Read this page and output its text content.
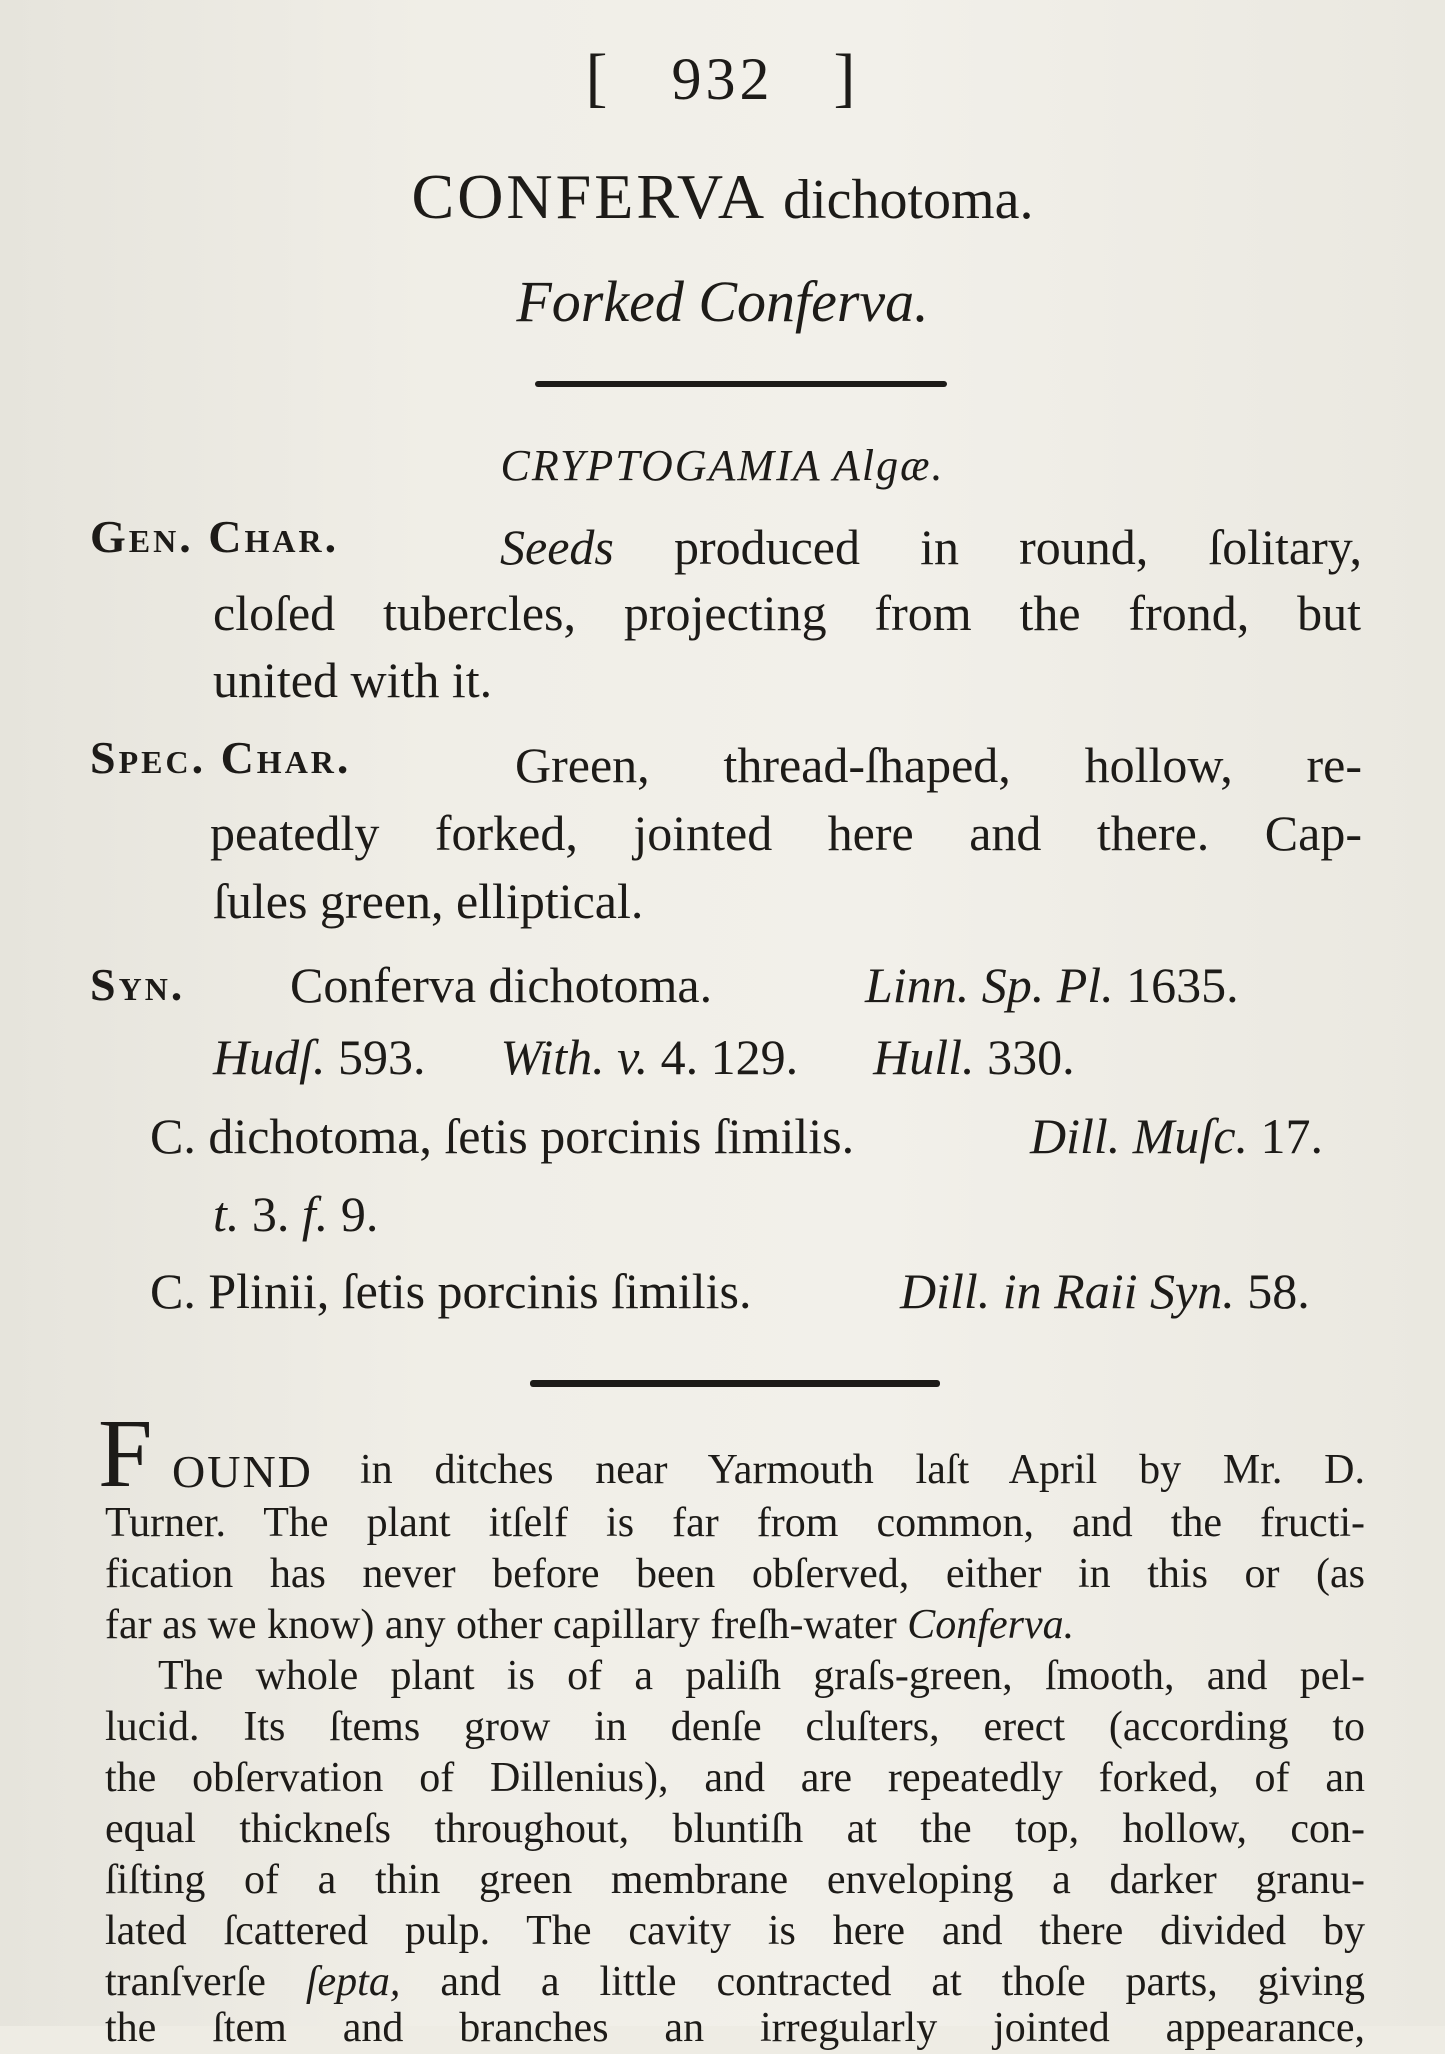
[ 932 ]
CONFERVA dichotoma.
Forked Conferva.
CRYPTOGAMIA Algæ.
Gen. Char.	Seeds produced in round, ſolitary,
cloſed tubercles, projecting from the frond, but
united with it.
Spec. Char.	Green, thread-ſhaped, hollow, re-
peatedly forked, jointed here and there. Cap-
ſules green, elliptical.
Syn. Conferva dichotoma.	Linn. Sp. Pl. 1635.
Hudſ. 593. With. v. 4. 129. Hull. 330.
C. dichotoma, ſetis porcinis ſimilis.	Dill. Muſc. 17.
t. 3. f. 9.
C. Plinii, ſetis porcinis ſimilis.	Dill. in Raii Syn. 58.
F OUND in ditches near Yarmouth laſt April by Mr. D.
Turner. The plant itſelf is far from common, and the fructi-
fication has never before been obſerved, either in this or (as
far as we know) any other capillary freſh-water Conferva.
The whole plant is of a paliſh graſs-green, ſmooth, and pel-
lucid. Its ſtems grow in denſe cluſters, erect (according to
the obſervation of Dillenius), and are repeatedly forked, of an
equal thickneſs throughout, bluntiſh at the top, hollow, con-
ſiſting of a thin green membrane enveloping a darker granu-
lated ſcattered pulp. The cavity is here and there divided by
tranſverſe ſepta, and a little contracted at thoſe parts, giving
the ſtem and branches an irregularly jointed appearance,
